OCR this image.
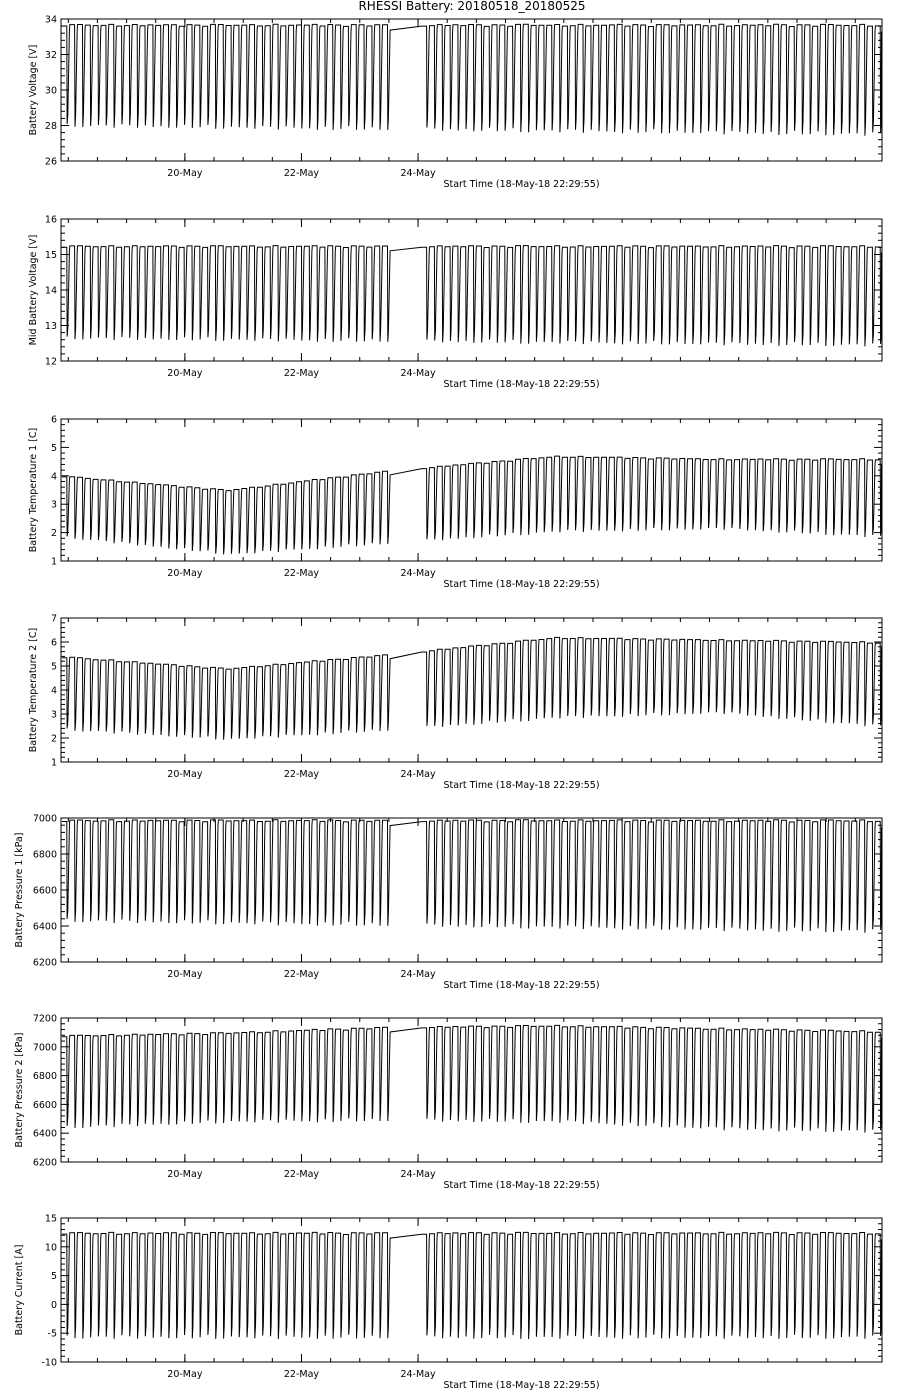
RHESSI Battery: 20180518_20180525
26
28
30
32
34
20-May	22-May	24-May
Start Time (18-May-18 22:29:55)
Battery Voltage [V]
12
13
14
15
16
20-May	22-May	24-May
Start Time (18-May-18 22:29:55)
Mid Battery Voltage [V]
1
2
3
4
5
6
20-May	22-May	24-May
Start Time (18-May-18 22:29:55)
Battery Temperature 1 [C]
1
2
3
4
5
6
7
20-May	22-May	24-May
Start Time (18-May-18 22:29:55)
Battery Temperature 2 [C]
6200
6400
6600
6800
7000
20-May	22-May	24-May
Start Time (18-May-18 22:29:55)
Battery Pressure 1 [kPa]
6200
6400
6600
6800
7000
7200
20-May	22-May	24-May
Start Time (18-May-18 22:29:55)
Battery Pressure 2 [kPa]
-10
-5
0
5
10
15
20-May	22-May	24-May
Start Time (18-May-18 22:29:55)
Battery Current [A]
